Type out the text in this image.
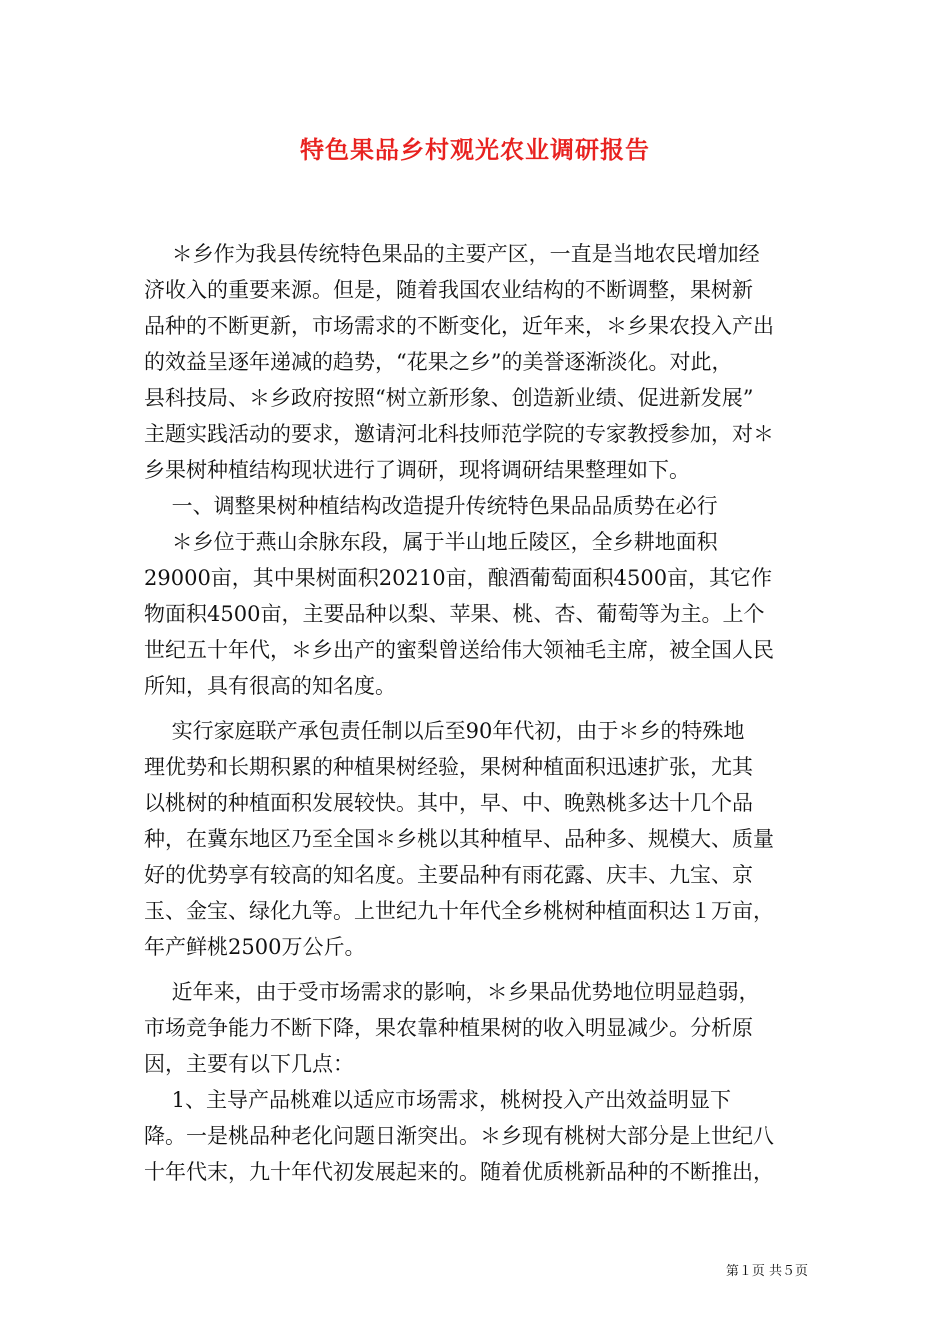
特色果品乡村观光农业调研报告
　 ＊乡作为我县传统特色果品的主要产区，一直是当地农民增加经
济收入的重要来源。但是，随着我国农业结构的不断调整，果树新
品种的不断更新，市场需求的不断变化，近年来，＊乡果农投入产出
的效益呈逐年递减的趋势，“花果之乡”的美誉逐渐淡化。对此，
县科技局、＊乡政府按照“树立新形象、创造新业绩、促进新发展”
主题实践活动的要求，邀请河北科技师范学院的专家教授参加，对＊
乡果树种植结构现状进行了调研，现将调研结果整理如下。
　 一、调整果树种植结构改造提升传统特色果品品质势在必行
　 ＊乡位于燕山余脉东段，属于半山地丘陵区，全乡耕地面积
29000亩，其中果树面积20210亩，酿酒葡萄面积4500亩，其它作
物面积4500亩，主要品种以梨、苹果、桃、杏、葡萄等为主。上个
世纪五十年代，＊乡出产的蜜梨曾送给伟大领袖毛主席，被全国人民
所知，具有很高的知名度。
　 实行家庭联产承包责任制以后至90年代初，由于＊乡的特殊地
理优势和长期积累的种植果树经验，果树种植面积迅速扩张，尤其
以桃树的种植面积发展较快。其中，早、中、晚熟桃多达十几个品
种，在冀东地区乃至全国＊乡桃以其种植早、品种多、规模大、质量
好的优势享有较高的知名度。主要品种有雨花露、庆丰、九宝、京
玉、金宝、绿化九等。上世纪九十年代全乡桃树种植面积达１万亩，
年产鲜桃2500万公斤。
　 近年来，由于受市场需求的影响，＊乡果品优势地位明显趋弱，
市场竞争能力不断下降，果农靠种植果树的收入明显减少。分析原
因，主要有以下几点：
　 1、主导产品桃难以适应市场需求，桃树投入产出效益明显下
降。一是桃品种老化问题日渐突出。＊乡现有桃树大部分是上世纪八
十年代末，九十年代初发展起来的。随着优质桃新品种的不断推出，
第１页 共５页
